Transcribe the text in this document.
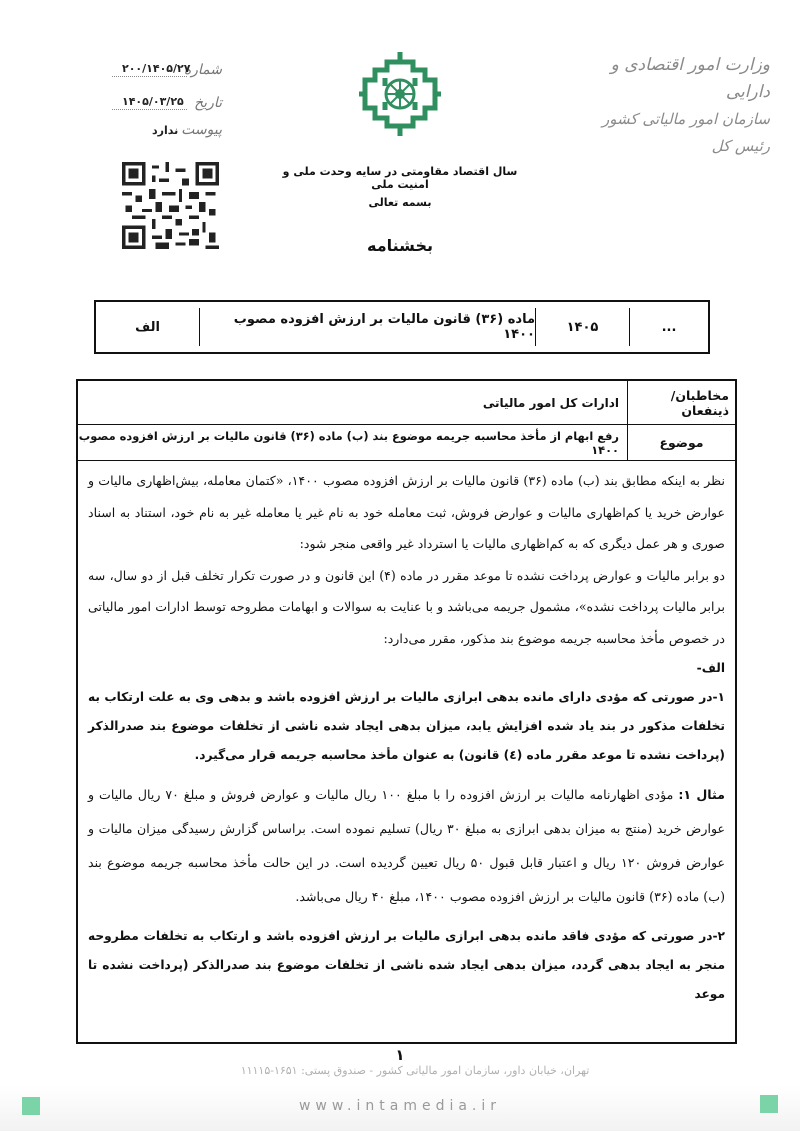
وزارت امور اقتصادی و دارایی
سازمان امور مالیاتی کشور
رئیس کل
شماره
۲۰۰/۱۴۰۵/۲۷
تاریخ
۱۴۰۵/۰۳/۲۵
پیوست
ندارد
سال اقتصاد مقاومتی در سایه وحدت ملی و امنیت ملی
بسمه تعالی
بخشنامه
...
۱۴۰۵
ماده (۳۶) قانون مالیات بر ارزش افزوده مصوب ۱۴۰۰
الف
مخاطبان/ ذینفعان
ادارات کل امور مالیاتی
موضوع
رفع ابهام از مأخذ محاسبه جریمه موضوع بند (ب) ماده (۳۶) قانون مالیات بر ارزش افزوده مصوب ۱۴۰۰

نظر به اینکه مطابق بند (ب) ماده (۳۶) قانون مالیات بر ارزش افزوده مصوب ۱۴۰۰، «کتمان معامله، بیش‌اظهاری مالیات و عوارض خرید یا کم‌اظهاری مالیات و عوارض فروش، ثبت معامله خود به نام غیر یا معامله غیر به نام خود، استناد به اسناد صوری و هر عمل دیگری که به کم‌اظهاری مالیات یا استرداد غیر واقعی منجر شود:

دو برابر مالیات و عوارض پرداخت نشده تا موعد مقرر در ماده (۴) این قانون و در صورت تکرار تخلف قبل از دو سال، سه برابر مالیات پرداخت نشده»، مشمول جریمه می‌باشد و با عنایت به سوالات و ابهامات مطروحه توسط ادارات امور مالیاتی در خصوص مأخذ محاسبه جریمه موضوع بند مذکور، مقرر می‌دارد:

الف-

۱-در صورتی که مؤدی دارای مانده بدهی ابرازی مالیات بر ارزش افزوده باشد و بدهی وی به علت ارتکاب به تخلفات مذکور در بند یاد شده افزایش یابد، میزان بدهی ایجاد شده ناشی از تخلفات موضوع بند صدرالذکر (پرداخت نشده تا موعد مقرر ماده (٤) قانون) به عنوان مأخذ محاسبه جریمه قرار می‌گیرد.

مثال ۱: مؤدی اظهارنامه مالیات بر ارزش افزوده را با مبلغ ۱۰۰ ریال مالیات و عوارض فروش و مبلغ ۷۰ ریال مالیات و عوارض خرید (منتج به میزان بدهی ابرازی به مبلغ ۳۰ ریال) تسلیم نموده است. براساس گزارش رسیدگی میزان مالیات و عوارض فروش ۱۲۰ ریال و اعتبار قابل قبول ۵۰ ریال تعیین گردیده است. در این حالت مأخذ محاسبه جریمه موضوع بند (ب) ماده (۳۶) قانون مالیات بر ارزش افزوده مصوب ۱۴۰۰، مبلغ ۴۰ ریال می‌باشد.

۲-در صورتی که مؤدی فاقد مانده بدهی ابرازی مالیات بر ارزش افزوده باشد و ارتکاب به تخلفات مطروحه منجر به ایجاد بدهی گردد، میزان بدهی ایجاد شده ناشی از تخلفات موضوع بند صدرالذکر (پرداخت نشده تا موعد

۱
تهران، خیابان داور، سازمان امور مالیاتی کشور - صندوق پستی: ۱۶۵۱-۱۱۱۱۵
www.intamedia.ir
